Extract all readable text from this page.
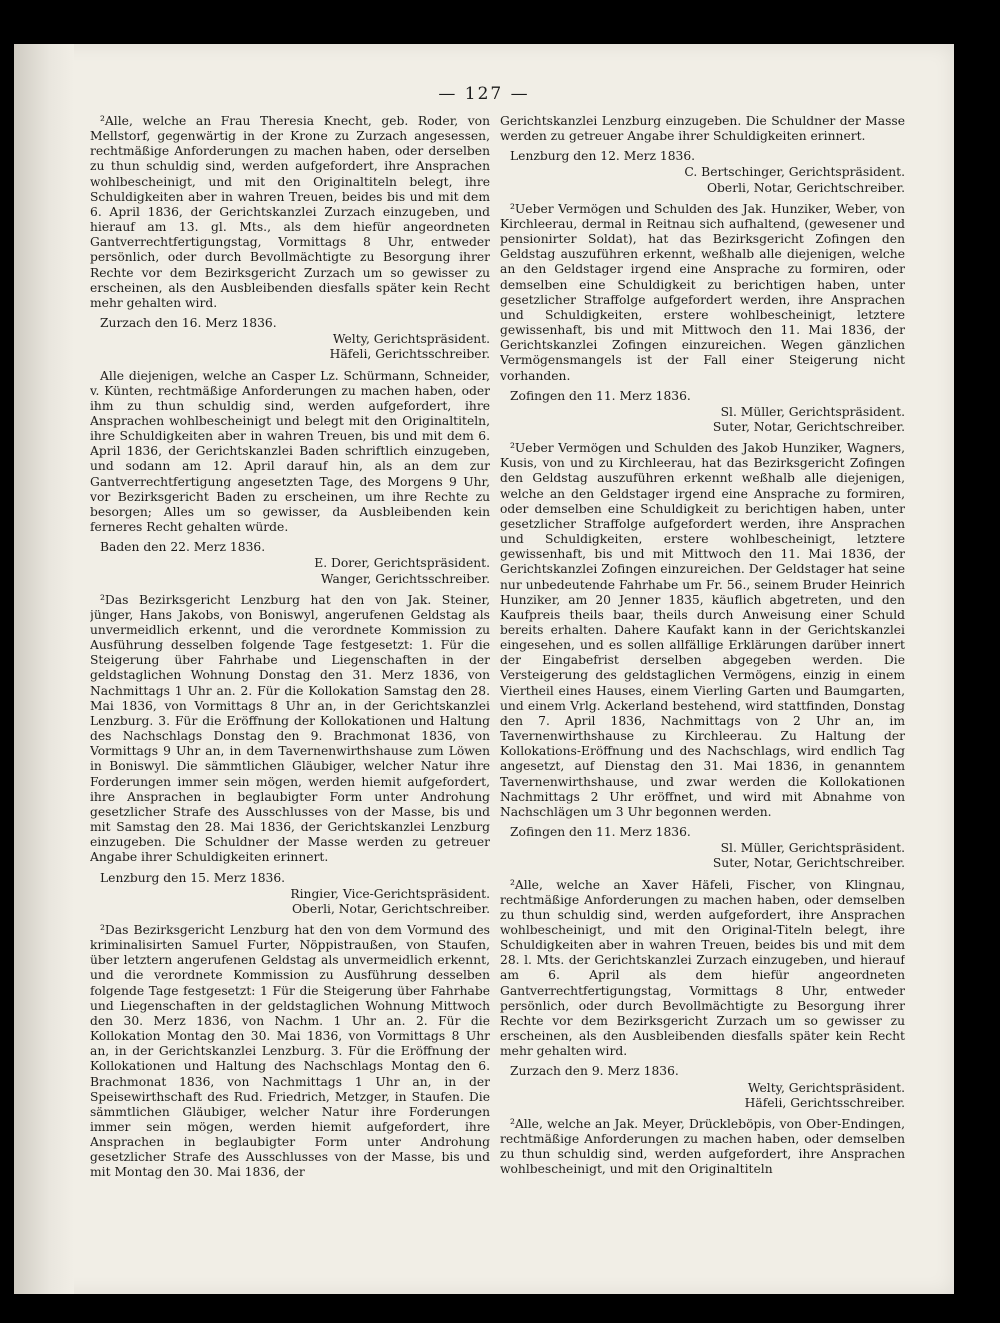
— 127 —

²Alle, welche an Frau Theresia Knecht, geb. Roder, von Mellstorf, gegenwärtig in der Krone zu Zurzach angesessen, rechtmäßige Anforderungen zu machen haben, oder derselben zu thun schuldig sind, werden aufgefordert, ihre Ansprachen wohlbescheinigt, und mit den Originaltiteln belegt, ihre Schuldigkeiten aber in wahren Treuen, beides bis und mit dem 6. April 1836, der Gerichtskanzlei Zurzach einzugeben, und hierauf am 13. gl. Mts., als dem hiefür angeordneten Gantverrechtfertigungstag, Vormittags 8 Uhr, entweder persönlich, oder durch Bevollmächtigte zu Besorgung ihrer Rechte vor dem Bezirksgericht Zurzach um so gewisser zu erscheinen, als den Ausbleibenden diesfalls später kein Recht mehr gehalten wird.

Zurzach den 16. Merz 1836.

Welty, Gerichtspräsident.

Häfeli, Gerichtsschreiber.

Alle diejenigen, welche an Casper Lz. Schürmann, Schneider, v. Künten, rechtmäßige Anforderungen zu machen haben, oder ihm zu thun schuldig sind, werden aufgefordert, ihre Ansprachen wohlbescheinigt und belegt mit den Originaltiteln, ihre Schuldigkeiten aber in wahren Treuen, bis und mit dem 6. April 1836, der Gerichtskanzlei Baden schriftlich einzugeben, und sodann am 12. April darauf hin, als an dem zur Gantverrechtfertigung angesetzten Tage, des Morgens 9 Uhr, vor Bezirksgericht Baden zu erscheinen, um ihre Rechte zu besorgen; Alles um so gewisser, da Ausbleibenden kein ferneres Recht gehalten würde.

Baden den 22. Merz 1836.

E. Dorer, Gerichtspräsident.

Wanger, Gerichtsschreiber.

²Das Bezirksgericht Lenzburg hat den von Jak. Steiner, jünger, Hans Jakobs, von Boniswyl, angerufenen Geldstag als unvermeidlich erkennt, und die verordnete Kommission zu Ausführung desselben folgende Tage festgesetzt: 1. Für die Steigerung über Fahrhabe und Liegenschaften in der geldstaglichen Wohnung Donstag den 31. Merz 1836, von Nachmittags 1 Uhr an. 2. Für die Kollokation Samstag den 28. Mai 1836, von Vormittags 8 Uhr an, in der Gerichtskanzlei Lenzburg. 3. Für die Eröffnung der Kollokationen und Haltung des Nachschlags Donstag den 9. Brachmonat 1836, von Vormittags 9 Uhr an, in dem Tavernenwirthshause zum Löwen in Boniswyl. Die sämmtlichen Gläubiger, welcher Natur ihre Forderungen immer sein mögen, werden hiemit aufgefordert, ihre Ansprachen in beglaubigter Form unter Androhung gesetzlicher Strafe des Ausschlusses von der Masse, bis und mit Samstag den 28. Mai 1836, der Gerichtskanzlei Lenzburg einzugeben. Die Schuldner der Masse werden zu getreuer Angabe ihrer Schuldigkeiten erinnert.

Lenzburg den 15. Merz 1836.

Ringier, Vice-Gerichtspräsident.

Oberli, Notar, Gerichtschreiber.

²Das Bezirksgericht Lenzburg hat den von dem Vormund des kriminalisirten Samuel Furter, Nöppistraußen, von Staufen, über letztern angerufenen Geldstag als unvermeidlich erkennt, und die verordnete Kommission zu Ausführung desselben folgende Tage festgesetzt: 1 Für die Steigerung über Fahrhabe und Liegenschaften in der geldstaglichen Wohnung Mittwoch den 30. Merz 1836, von Nachm. 1 Uhr an. 2. Für die Kollokation Montag den 30. Mai 1836, von Vormittags 8 Uhr an, in der Gerichtskanzlei Lenzburg. 3. Für die Eröffnung der Kollokationen und Haltung des Nachschlags Montag den 6. Brachmonat 1836, von Nachmittags 1 Uhr an, in der Speisewirthschaft des Rud. Friedrich, Metzger, in Staufen. Die sämmtlichen Gläubiger, welcher Natur ihre Forderungen immer sein mögen, werden hiemit aufgefordert, ihre Ansprachen in beglaubigter Form unter Androhung gesetzlicher Strafe des Ausschlusses von der Masse, bis und mit Montag den 30. Mai 1836, der

Gerichtskanzlei Lenzburg einzugeben. Die Schuldner der Masse werden zu getreuer Angabe ihrer Schuldigkeiten erinnert.

Lenzburg den 12. Merz 1836.

C. Bertschinger, Gerichtspräsident.

Oberli, Notar, Gerichtschreiber.

²Ueber Vermögen und Schulden des Jak. Hunziker, Weber, von Kirchleerau, dermal in Reitnau sich aufhaltend, (gewesener und pensionirter Soldat), hat das Bezirksgericht Zofingen den Geldstag auszuführen erkennt, weßhalb alle diejenigen, welche an den Geldstager irgend eine Ansprache zu formiren, oder demselben eine Schuldigkeit zu berichtigen haben, unter gesetzlicher Straffolge aufgefordert werden, ihre Ansprachen und Schuldigkeiten, erstere wohlbescheinigt, letztere gewissenhaft, bis und mit Mittwoch den 11. Mai 1836, der Gerichtskanzlei Zofingen einzureichen. Wegen gänzlichen Vermögensmangels ist der Fall einer Steigerung nicht vorhanden.

Zofingen den 11. Merz 1836.

Sl. Müller, Gerichtspräsident.

Suter, Notar, Gerichtschreiber.

²Ueber Vermögen und Schulden des Jakob Hunziker, Wagners, Kusis, von und zu Kirchleerau, hat das Bezirksgericht Zofingen den Geldstag auszuführen erkennt weßhalb alle diejenigen, welche an den Geldstager irgend eine Ansprache zu formiren, oder demselben eine Schuldigkeit zu berichtigen haben, unter gesetzlicher Straffolge aufgefordert werden, ihre Ansprachen und Schuldigkeiten, erstere wohlbescheinigt, letztere gewissenhaft, bis und mit Mittwoch den 11. Mai 1836, der Gerichtskanzlei Zofingen einzureichen. Der Geldstager hat seine nur unbedeutende Fahrhabe um Fr. 56., seinem Bruder Heinrich Hunziker, am 20 Jenner 1835, käuflich abgetreten, und den Kaufpreis theils baar, theils durch Anweisung einer Schuld bereits erhalten. Dahere Kaufakt kann in der Gerichtskanzlei eingesehen, und es sollen allfällige Erklärungen darüber innert der Eingabefrist derselben abgegeben werden. Die Versteigerung des geldstaglichen Vermögens, einzig in einem Viertheil eines Hauses, einem Vierling Garten und Baumgarten, und einem Vrlg. Ackerland bestehend, wird stattfinden, Donstag den 7. April 1836, Nachmittags von 2 Uhr an, im Tavernenwirthshause zu Kirchleerau. Zu Haltung der Kollokations-Eröffnung und des Nachschlags, wird endlich Tag angesetzt, auf Dienstag den 31. Mai 1836, in genanntem Tavernenwirthshause, und zwar werden die Kollokationen Nachmittags 2 Uhr eröffnet, und wird mit Abnahme von Nachschlägen um 3 Uhr begonnen werden.

Zofingen den 11. Merz 1836.

Sl. Müller, Gerichtspräsident.

Suter, Notar, Gerichtschreiber.

²Alle, welche an Xaver Häfeli, Fischer, von Klingnau, rechtmäßige Anforderungen zu machen haben, oder demselben zu thun schuldig sind, werden aufgefordert, ihre Ansprachen wohlbescheinigt, und mit den Original-Titeln belegt, ihre Schuldigkeiten aber in wahren Treuen, beides bis und mit dem 28. l. Mts. der Gerichtskanzlei Zurzach einzugeben, und hierauf am 6. April als dem hiefür angeordneten Gantverrechtfertigungstag, Vormittags 8 Uhr, entweder persönlich, oder durch Bevollmächtigte zu Besorgung ihrer Rechte vor dem Bezirksgericht Zurzach um so gewisser zu erscheinen, als den Ausbleibenden diesfalls später kein Recht mehr gehalten wird.

Zurzach den 9. Merz 1836.

Welty, Gerichtspräsident.

Häfeli, Gerichtsschreiber.

²Alle, welche an Jak. Meyer, Drückleböpis, von Ober-Endingen, rechtmäßige Anforderungen zu machen haben, oder demselben zu thun schuldig sind, werden aufgefordert, ihre Ansprachen wohlbescheinigt, und mit den Originaltiteln
